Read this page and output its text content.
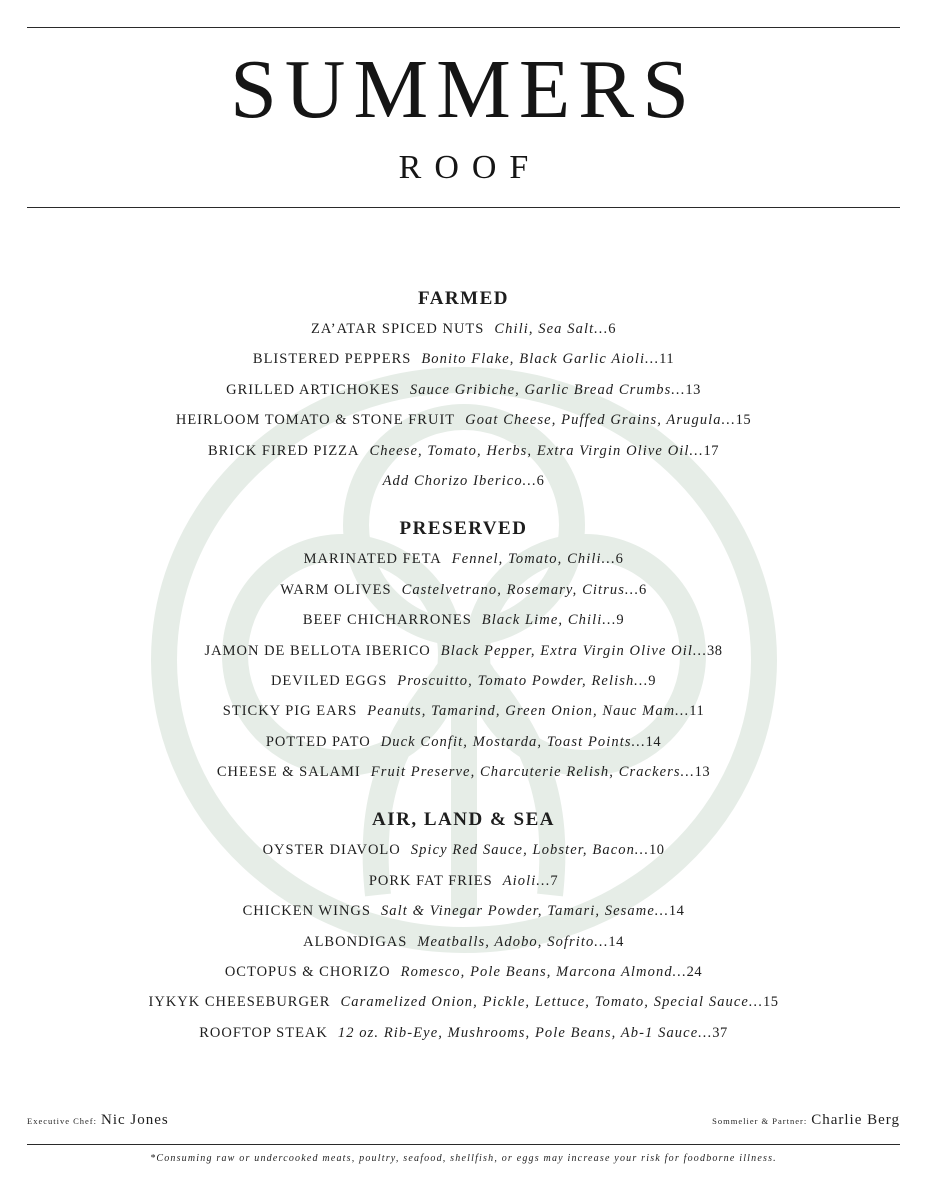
SUMMERS
ROOF
FARMED
ZA’ATAR SPICED NUTS Chili, Sea Salt…6
BLISTERED PEPPERS Bonito Flake, Black Garlic Aioli…11
GRILLED ARTICHOKES Sauce Gribiche, Garlic Bread Crumbs…13
HEIRLOOM TOMATO & STONE FRUIT Goat Cheese, Puffed Grains, Arugula…15
BRICK FIRED PIZZA Cheese, Tomato, Herbs, Extra Virgin Olive Oil…17
Add Chorizo Iberico…6
PRESERVED
MARINATED FETA Fennel, Tomato, Chili…6
WARM OLIVES Castelvetrano, Rosemary, Citrus…6
BEEF CHICHARRONES Black Lime, Chili…9
JAMON DE BELLOTA IBERICO Black Pepper, Extra Virgin Olive Oil…38
DEVILED EGGS Proscuitto, Tomato Powder, Relish…9
STICKY PIG EARS Peanuts, Tamarind, Green Onion, Nauc Mam…11
POTTED PATO Duck Confit, Mostarda, Toast Points…14
CHEESE & SALAMI Fruit Preserve, Charcuterie Relish, Crackers…13
AIR, LAND & SEA
OYSTER DIAVOLO Spicy Red Sauce, Lobster, Bacon…10
PORK FAT FRIES Aioli…7
CHICKEN WINGS Salt & Vinegar Powder, Tamari, Sesame…14
ALBONDIGAS Meatballs, Adobo, Sofrito…14
OCTOPUS & CHORIZO Romesco, Pole Beans, Marcona Almond…24
IYKYK CHEESEBURGER Caramelized Onion, Pickle, Lettuce, Tomato, Special Sauce…15
ROOFTOP STEAK 12 oz. Rib-Eye, Mushrooms, Pole Beans, Ab-1 Sauce…37
Executive Chef: Nic Jones	Sommelier & Partner: Charlie Berg
*Consuming raw or undercooked meats, poultry, seafood, shellfish, or eggs may increase your risk for foodborne illness.
